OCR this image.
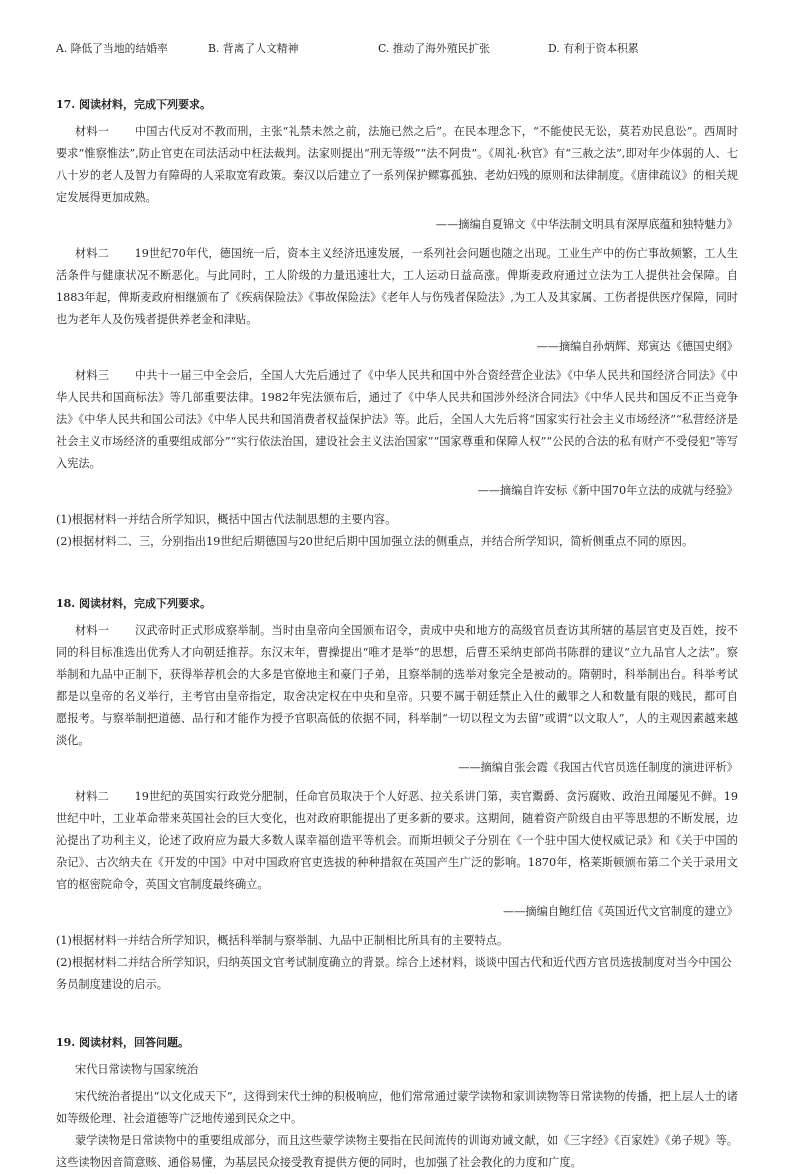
A. 降低了当地的结婚率	B. 背离了人文精神	C. 推动了海外殖民扩张	D. 有利于资本积累

17. 阅读材料，完成下列要求。

材料一 中国古代反对不教而刑，主张“礼禁未然之前，法施已然之后”。在民本理念下，“不能使民无讼，莫若劝民息讼”。西周时要求“惟察惟法”,防止官吏在司法活动中枉法裁判。法家则提出“刑无等级”“法不阿贵”。《周礼·秋官》有“三赦之法”,即对年少体弱的人、七八十岁的老人及智力有障碍的人采取宽宥政策。秦汉以后建立了一系列保护鳏寡孤独、老幼妇残的原则和法律制度。《唐律疏议》的相关规定发展得更加成熟。

——摘编自夏锦文《中华法制文明具有深厚底蕴和独特魅力》

材料二 19世纪70年代，德国统一后，资本主义经济迅速发展，一系列社会问题也随之出现。工业生产中的伤亡事故频繁，工人生活条件与健康状况不断恶化。与此同时，工人阶级的力量迅速壮大，工人运动日益高涨。俾斯麦政府通过立法为工人提供社会保障。自1883年起，俾斯麦政府相继颁布了《疾病保险法》《事故保险法》《老年人与伤残者保险法》,为工人及其家属、工伤者提供医疗保障，同时也为老年人及伤残者提供养老金和津贴。

——摘编自孙炳辉、郑寅达《德国史纲》

材料三 中共十一届三中全会后，全国人大先后通过了《中华人民共和国中外合资经营企业法》《中华人民共和国经济合同法》《中华人民共和国商标法》等几部重要法律。1982年宪法颁布后，通过了《中华人民共和国涉外经济合同法》《中华人民共和国反不正当竞争法》《中华人民共和国公司法》《中华人民共和国消费者权益保护法》等。此后，全国人大先后将“国家实行社会主义市场经济”“私营经济是社会主义市场经济的重要组成部分”“实行依法治国，建设社会主义法治国家”“国家尊重和保障人权”“公民的合法的私有财产不受侵犯”等写入宪法。

——摘编自许安标《新中国70年立法的成就与经验》

(1)根据材料一并结合所学知识，概括中国古代法制思想的主要内容。

(2)根据材料二、三，分别指出19世纪后期德国与20世纪后期中国加强立法的侧重点，并结合所学知识，简析侧重点不同的原因。

18. 阅读材料，完成下列要求。

材料一 汉武帝时正式形成察举制。当时由皇帝向全国颁布诏令，责成中央和地方的高级官员查访其所辖的基层官吏及百姓，按不同的科目标准选出优秀人才向朝廷推荐。东汉末年，曹操提出“唯才是举”的思想，后曹丕采纳吏部尚书陈群的建议“立九品官人之法”。察举制和九品中正制下，获得举荐机会的大多是官僚地主和豪门子弟，且察举制的选举对象完全是被动的。隋朝时，科举制出台。科举考试都是以皇帝的名义举行，主考官由皇帝指定，取舍决定权在中央和皇帝。只要不属于朝廷禁止入仕的戴罪之人和数量有限的贱民，都可自愿报考。与察举制把道德、品行和才能作为授予官职高低的依据不同，科举制“一切以程文为去留”或谓“以文取人”，人的主观因素越来越淡化。

——摘编自张会霞《我国古代官员选任制度的演进评析》

材料二 19世纪的英国实行政党分肥制，任命官员取决于个人好恶、拉关系讲门第，卖官鬻爵、贪污腐败、政治丑闻屡见不鲜。19世纪中叶，工业革命带来英国社会的巨大变化，也对政府职能提出了更多新的要求。这期间，随着资产阶级自由平等思想的不断发展，边沁提出了功利主义，论述了政府应为最大多数人谋幸福创造平等机会。而斯坦顿父子分别在《一个驻中国大使权威记录》和《关于中国的杂记》、古次纳夫在《开发的中国》中对中国政府官吏选拔的种种措叙在英国产生广泛的影响。1870年，格莱斯顿颁布第二个关于录用文官的枢密院命令，英国文官制度最终确立。

——摘编自鲍红信《英国近代文官制度的建立》

(1)根据材料一并结合所学知识，概括科举制与察举制、九品中正制相比所具有的主要特点。

(2)根据材料二并结合所学知识，归纳英国文官考试制度确立的背景。综合上述材料，谈谈中国古代和近代西方官员选拔制度对当今中国公务员制度建设的启示。

19. 阅读材料，回答问题。

宋代日常读物与国家统治

宋代统治者提出“以文化成天下”，这得到宋代士绅的积极响应，他们常常通过蒙学读物和家训读物等日常读物的传播，把上层人士的诸如等级伦理、社会道德等广泛地传递到民众之中。

蒙学读物是日常读物中的重要组成部分，而且这些蒙学读物主要指在民间流传的训诲劝诫文献，如《三字经》《百家姓》《弟子规》等。这些读物因音简意赅、通俗易懂，为基层民众接受教育提供方便的同时，也加强了社会教化的力度和广度。
